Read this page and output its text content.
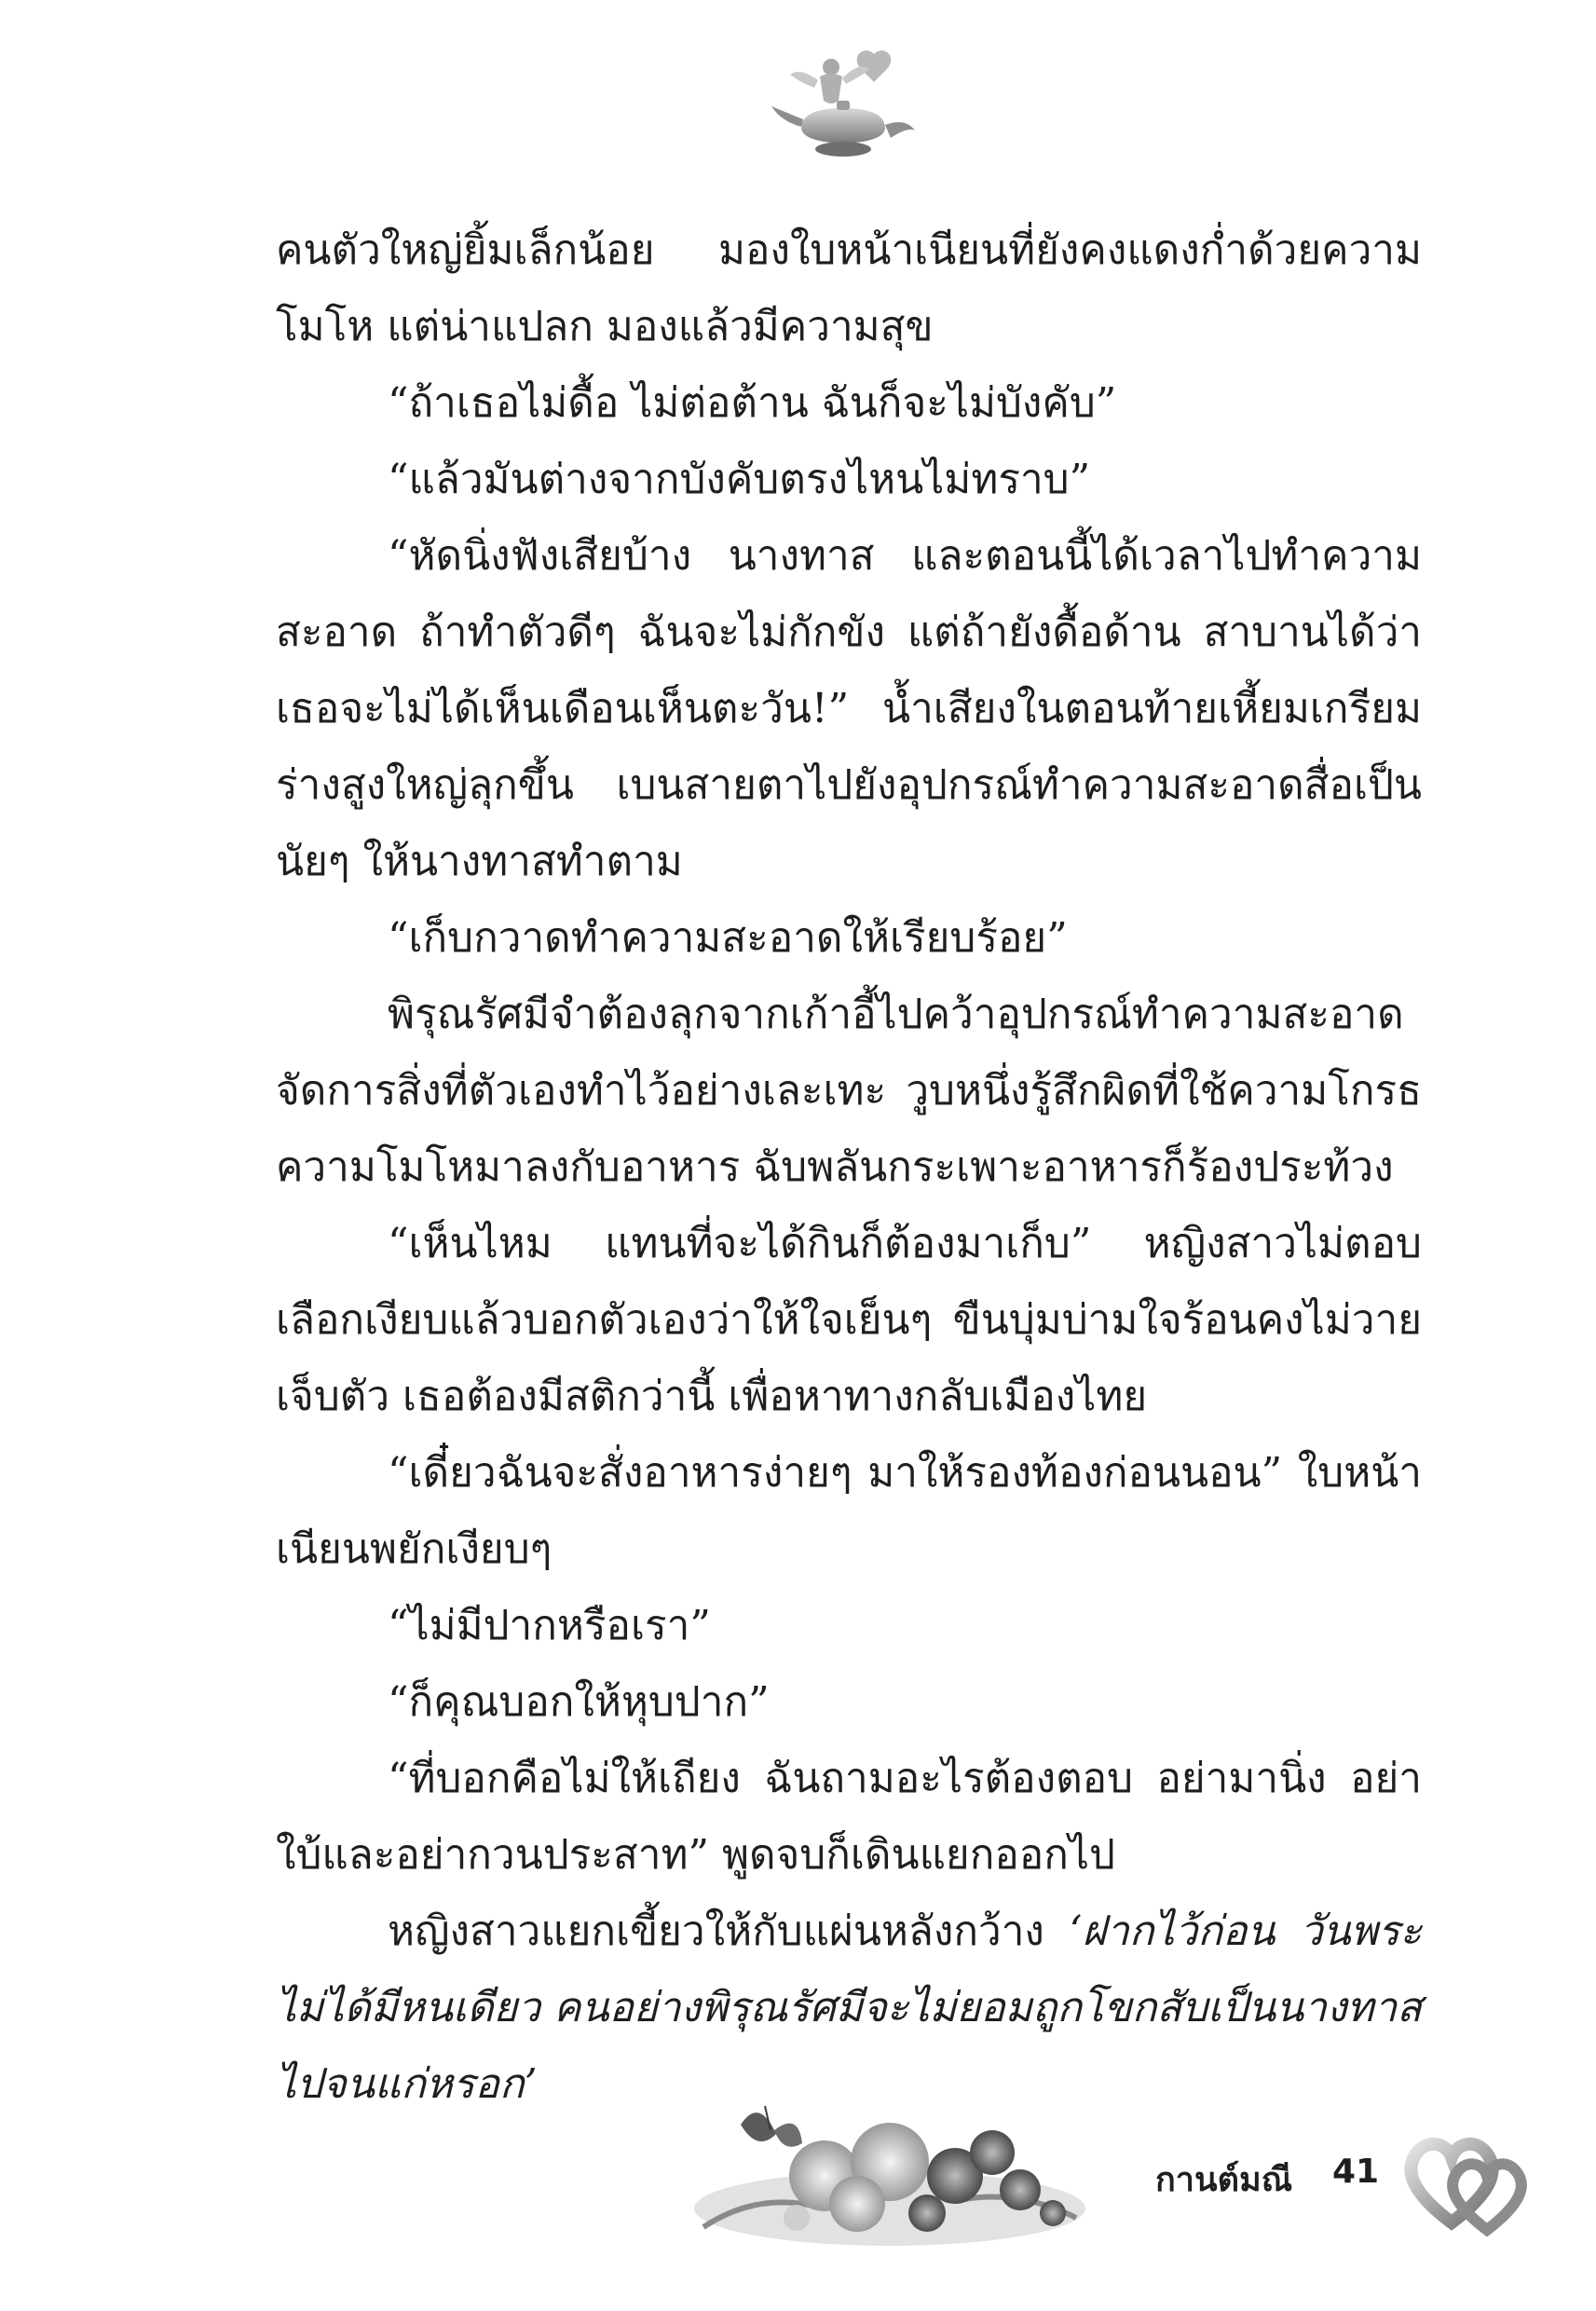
คนตัวใหญ่ยิ้มเล็กน้อย มองใบหน้าเนียนที่ยังคงแดงก่ำด้วยความโมโห แต่น่าแปลก มองแล้วมีความสุข

“ถ้าเธอไม่ดื้อ ไม่ต่อต้าน ฉันก็จะไม่บังคับ”

“แล้วมันต่างจากบังคับตรงไหนไม่ทราบ”

“หัดนิ่งฟังเสียบ้าง นางทาส และตอนนี้ได้เวลาไปทำความสะอาด ถ้าทำตัวดีๆ ฉันจะไม่กักขัง แต่ถ้ายังดื้อด้าน สาบานได้ว่าเธอจะไม่ได้เห็นเดือนเห็นตะวัน!” น้ำเสียงในตอนท้ายเหี้ยมเกรียม ร่างสูงใหญ่ลุกขึ้น เบนสายตาไปยังอุปกรณ์ทำความสะอาดสื่อเป็นนัยๆ ให้นางทาสทำตาม

“เก็บกวาดทำความสะอาดให้เรียบร้อย”

พิรุณรัศมีจำต้องลุกจากเก้าอี้ไปคว้าอุปกรณ์ทำความสะอาด จัดการสิ่งที่ตัวเองทำไว้อย่างเละเทะ วูบหนึ่งรู้สึกผิดที่ใช้ความโกรธความโมโหมาลงกับอาหาร ฉับพลันกระเพาะอาหารก็ร้องประท้วง

“เห็นไหม แทนที่จะได้กินก็ต้องมาเก็บ” หญิงสาวไม่ตอบ เลือกเงียบแล้วบอกตัวเองว่าให้ใจเย็นๆ ขืนบุ่มบ่ามใจร้อนคงไม่วายเจ็บตัว เธอต้องมีสติกว่านี้ เพื่อหาทางกลับเมืองไทย

“เดี๋ยวฉันจะสั่งอาหารง่ายๆ มาให้รองท้องก่อนนอน” ใบหน้าเนียนพยักเงียบๆ

“ไม่มีปากหรือเรา”

“ก็คุณบอกให้หุบปาก”

“ที่บอกคือไม่ให้เถียง ฉันถามอะไรต้องตอบ อย่ามานิ่ง อย่าใบ้และอย่ากวนประสาท” พูดจบก็เดินแยกออกไป

หญิงสาวแยกเขี้ยวให้กับแผ่นหลังกว้าง ‘ฝากไว้ก่อน วันพระไม่ได้มีหนเดียว คนอย่างพิรุณรัศมีจะไม่ยอมถูกโขกสับเป็นนางทาสไปจนแก่หรอก’

กานต์มณี 41
